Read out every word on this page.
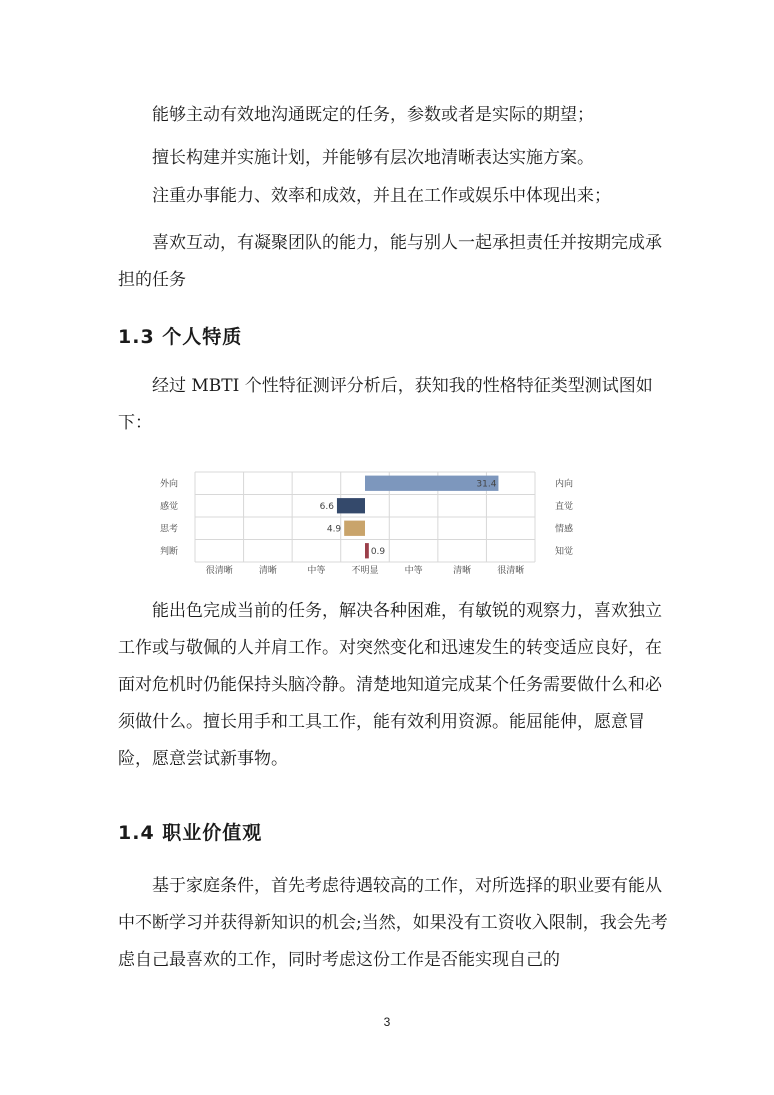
能够主动有效地沟通既定的任务，参数或者是实际的期望；
擅长构建并实施计划，并能够有层次地清晰表达实施方案。
注重办事能力、效率和成效，并且在工作或娱乐中体现出来；
喜欢互动，有凝聚团队的能力，能与别人一起承担责任并按期完成承担的任务
1.3 个人特质
经过 MBTI 个性特征测评分析后，获知我的性格特征类型测试图如下：
31.4
外向	内向
6.6
感觉	直觉
4.9
思考	情感
0.9
判断	知觉
很清晰	清晰	中等	不明显	中等	清晰	很清晰
能出色完成当前的任务，解决各种困难，有敏锐的观察力，喜欢独立工作或与敬佩的人并肩工作。对突然变化和迅速发生的转变适应良好，在面对危机时仍能保持头脑冷静。清楚地知道完成某个任务需要做什么和必须做什么。擅长用手和工具工作，能有效利用资源。能屈能伸，愿意冒险，愿意尝试新事物。
1.4 职业价值观
基于家庭条件，首先考虑待遇较高的工作，对所选择的职业要有能从中不断学习并获得新知识的机会;当然，如果没有工资收入限制，我会先考虑自己最喜欢的工作，同时考虑这份工作是否能实现自己的
3
